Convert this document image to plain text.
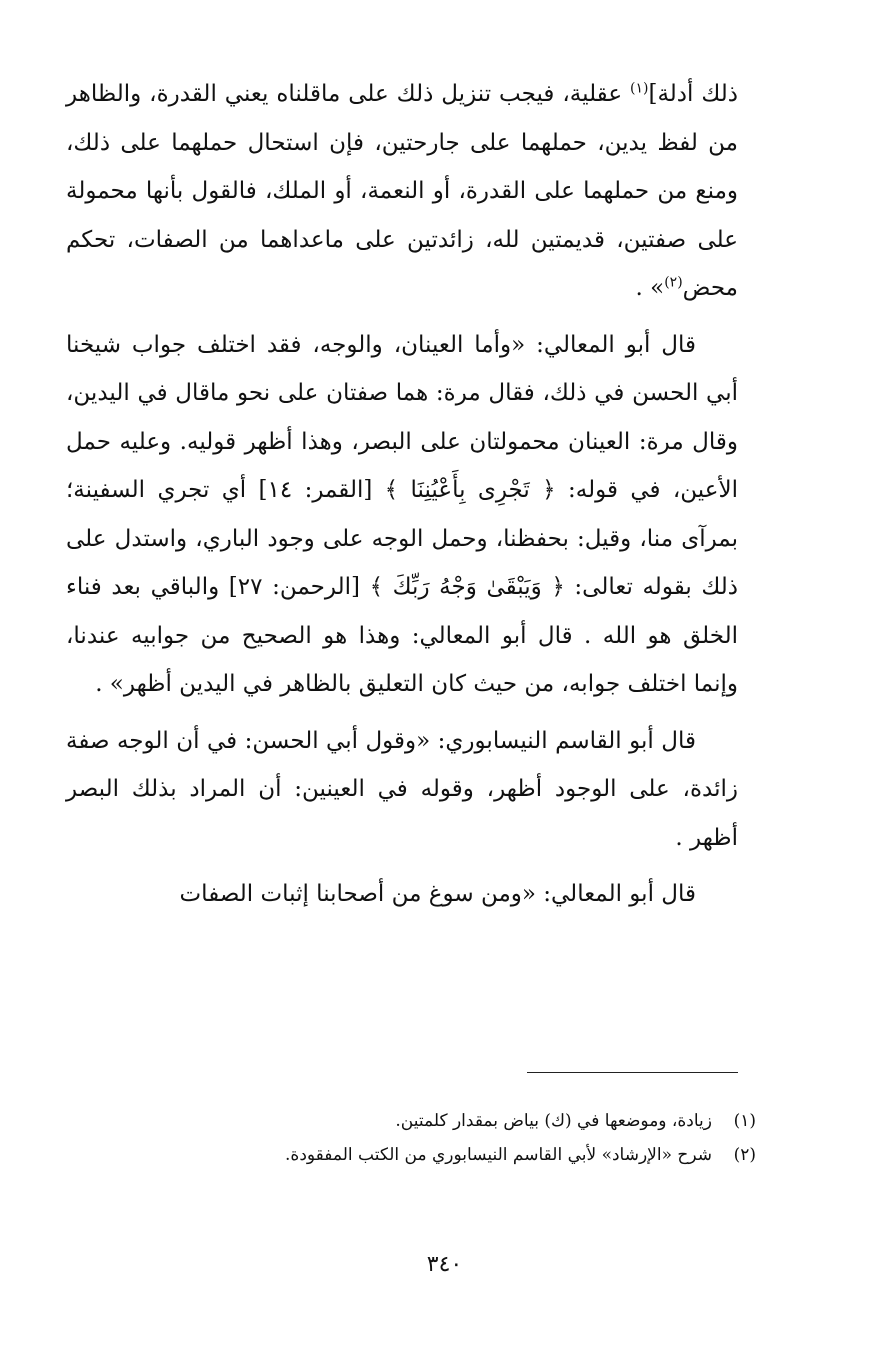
ذلك أدلة]$^{(١)}$ عقلية، فيجب تنزيل ذلك على ماقلناه يعني القدرة، والظاهر من لفظ يدين، حملهما على جارحتين، فإن استحال حملهما على ذلك، ومنع من حملهما على القدرة، أو النعمة، أو الملك، فالقول بأنها محمولة على صفتين، قديمتين لله، زائدتين على ماعداهما من الصفات، تحكم محض$^{(٢)}$» .

قال أبو المعالي: «وأما العينان، والوجه، فقد اختلف جواب شيخنا أبي الحسن في ذلك، فقال مرة: هما صفتان على نحو ماقال في اليدين، وقال مرة: العينان محمولتان على البصر، وهذا أظهر قوليه. وعليه حمل الأعين، في قوله: ﴿ تَجْرِى بِأَعْيُنِنَا ﴾ [القمر: ١٤] أي تجري السفينة؛ بمرآى منا، وقيل: بحفظنا، وحمل الوجه على وجود الباري، واستدل على ذلك بقوله تعالى: ﴿ وَيَبْقَىٰ وَجْهُ رَبِّكَ ﴾ [الرحمن: ٢٧] والباقي بعد فناء الخلق هو الله . قال أبو المعالي: وهذا هو الصحيح من جوابيه عندنا، وإنما اختلف جوابه، من حيث كان التعليق بالظاهر في اليدين أظهر» .

قال أبو القاسم النيسابوري: «وقول أبي الحسن: في أن الوجه صفة زائدة، على الوجود أظهر، وقوله في العينين: أن المراد بذلك البصر أظهر .

قال أبو المعالي: «ومن سوغ من أصحابنا إثبات الصفات

(١)زيادة، وموضعها في (ك) بياض بمقدار كلمتين.
(٢)شرح «الإرشاد» لأبي القاسم النيسابوري من الكتب المفقودة.
٣٤٠
